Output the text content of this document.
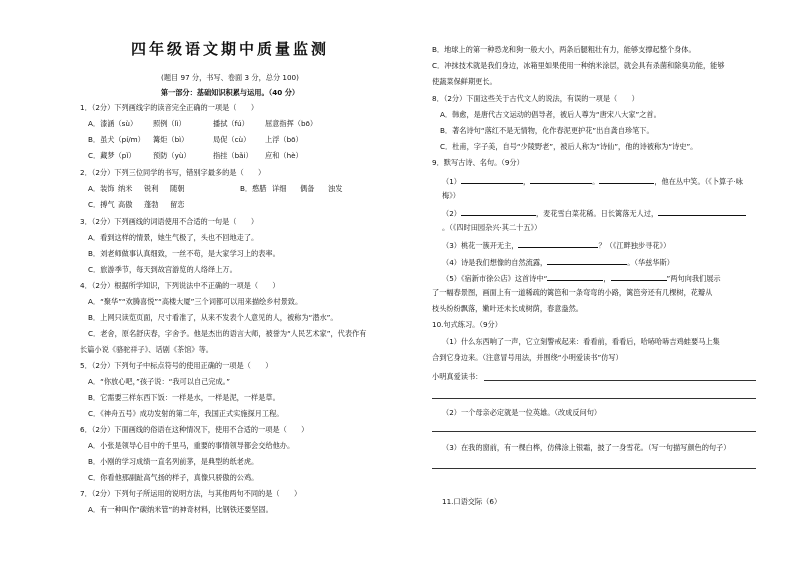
四年级语文期中质量监测
(题目 97 分，书写、卷面 3 分，总分 100)
第一部分：基础知识积累与运用。（40 分）
1．（2分）下列画线字的读音完全正确的一项是（　　）
A．漆涵（sù） 照例（lì）	播拭（fú） 屈意指挥（bō）
B．虽犬（pí/m） 篝炬（bì）	局促（cù） 上浮（bō）
C．藏梦（pǐ） 预防（yù）	指挂（bǎi） 应和（hè）
2．（2分）下列三位同学的书写，错别字最多的是（　　）
A．装饰 纳米 锐利 随朝	B．憨腊 详细 偶备 浊发
C．搏气 高傲 蓬勃 留恋
3．（2分）下列画线的词语使用不合适的一句是（　　）
A．看到这样的情景，她生气极了，头也不回地走了。
B．刘老师做事认真细致，一丝不苟，是大家学习上的表率。
C．旅游季节，每天到故宫游览的人络绎上万。
4．（2分）根据所学知识，下列说法中不正确的一项是（　　）
A．“聚华”“欢腾喜悦”“高楼大厦”三个词都可以用来描绘乡村景致。
B．上网只读览页面，尺寸看准了，从来不发表个人意见的人，被称为“潜水”。
C．老舍，原名舒庆春，字舍予。他是杰出的语言大师，被誉为“人民艺术家”，代表作有
长篇小说《骆驼祥子》、话剧《茶馆》等。
5．（2分）下列句子中标点符号的使用正确的一项是（　　）
A．“你放心吧，”孩子说：“我可以自己完成。”
B．它需要三样东西下饭：一样是水，一样是泥，一样是草。
C．《神舟五号》成功发射的第二年，我国正式实施探月工程。
6．（2分）下面画线的俗语在这种情况下，使用不合适的一项是（　　）
A．小张是领导心目中的千里马，重要的事情领导都会交给他办。
B．小刚的学习成绩一直名列前茅，是典型的纸老虎。
C．你看他那副趾高气扬的样子，真像只骄傲的公鸡。
7．（2分）下列句子所运用的说明方法，与其他两句不同的是（　　）
A．有一种叫作“碳纳米管”的神奇材料，比钢铁还要坚固。
B．地球上的第一种恐龙和狗一般大小，两条后腿粗壮有力，能够支撑起整个身体。
C．冲抹技术就是我们身边，冰箱里如果使用一种纳米涂层，就会具有杀菌和除臭功能，能够
使蔬菜保鲜期更长。
8．（2分）下面这些关于古代文人的说法，有误的一项是（　　）
A．韩愈，是唐代古文运动的倡导者，被后人尊为“唐宋八大家”之首。
B．著名诗句“落红不是无情物，化作春泥更护花”出自龚自珍笔下。
C．杜甫，字子美，自号“少陵野老”，被后人称为“诗仙”，他的诗被称为“诗史”。
9．默写古诗、名句。（9分）
（1）	，	。	，他在丛中笑。（《卜算子·咏
梅》）
（2）	，麦花雪白菜花稀。日长篱落无人过，
。（《四时田园杂兴·其二十五》）
（3）桃花一簇开无主，	？（《江畔独步寻花》）
（4）诗是我们想像的自然流露，	。（华兹华斯）
（5）《宿新市徐公店》这首诗中“	，	”两句向我们展示
了一幅春景图，画面上有一道稀疏的篱笆和一条弯弯的小路，篱笆旁还有几棵树，花瓣从
枝头纷纷飘落，嫩叶还未长成树荫，春意盎然。
10.句式练习。（9分）
（1）什么东西响了一声，它立刻警戒起来：看看前，看看后，哈哧哈哧吉鸡蛙要马上集
合到它身边来。（注意冒号用法，并围绕“小明爱读书”仿写）
小明真爱读书：
（2）一个母亲必定就是一位英雄。（改成反问句）
（3）在我的窗前，有一棵白桦，仿佛涂上银霜，披了一身雪花。（写一句描写颜色的句子）
11.口语交际（6）
